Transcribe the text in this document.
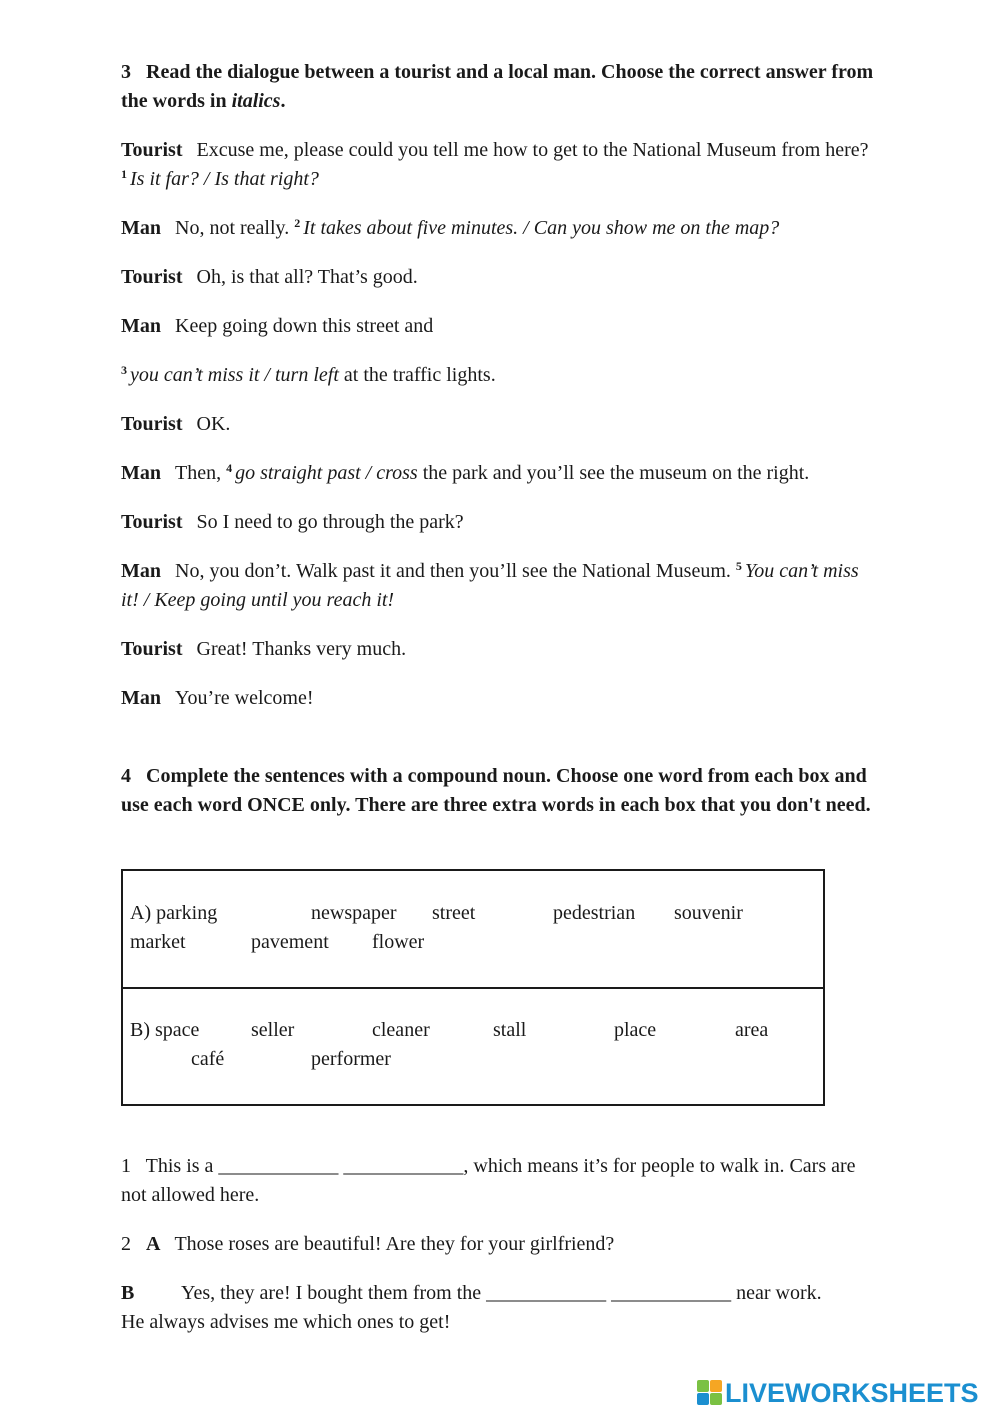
3 Read the dialogue between a tourist and a local man. Choose the correct answer from the words in italics.
Tourist Excuse me, please could you tell me how to get to the National Museum from here? $^1$ Is it far? / Is that right?
Man No, not really. $^2$ It takes about five minutes. / Can you show me on the map?
Tourist Oh, is that all? That’s good.
Man Keep going down this street and
$^3$ you can’t miss it / turn left at the traffic lights.
Tourist OK.
Man Then, $^4$ go straight past / cross the park and you’ll see the museum on the right.
Tourist So I need to go through the park?
Man No, you don’t. Walk past it and then you’ll see the National Museum. $^5$ You can’t miss it! / Keep going until you reach it!
Tourist Great! Thanks very much.
Man You’re welcome!
4 Complete the sentences with a compound noun. Choose one word from each box and use each word ONCE only. There are three extra words in each box that you don't need.
A) parking	newspaper street	pedestrian souvenir
market	pavement flower
B) space	seller	cleaner	stall	place	area
café	performer
1 This is a ____________ ____________, which means it’s for people to walk in. Cars are not allowed here.
2 A Those roses are beautiful! Are they for your girlfriend?
B Yes, they are! I bought them from the ____________ ____________ near work. He always advises me which ones to get!
LIVEWORKSHEETS
